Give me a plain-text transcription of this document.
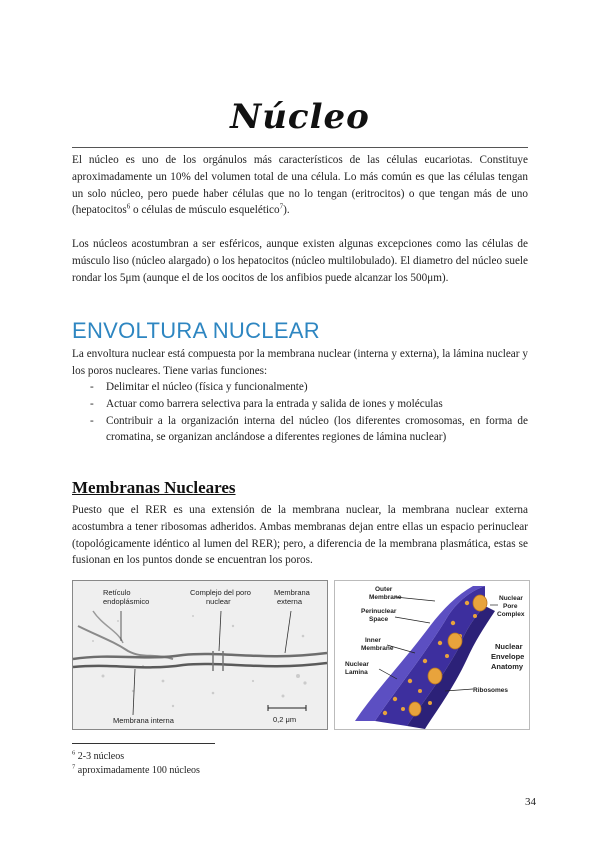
Núcleo

El núcleo es uno de los orgánulos más característicos de las células eucariotas. Constituye aproximadamente un 10% del volumen total de una célula. Lo más común es que las células tengan un solo núcleo, pero puede haber células que no lo tengan (eritrocitos) o que tengan más de uno (hepatocitos$^6$ o células de músculo esquelético$^7$).

Los núcleos acostumbran a ser esféricos, aunque existen algunas excepciones como las células de músculo liso (núcleo alargado) o los hepatocitos (núcleo multilobulado). El diametro del núcleo suele rondar los 5μm (aunque el de los oocitos de los anfibios puede alcanzar los 500μm).

ENVOLTURA NUCLEAR

La envoltura nuclear está compuesta por la membrana nuclear (interna y externa), la lámina nuclear y los poros nucleares. Tiene varias funciones:

- Delimitar el núcleo (física y funcionalmente)
- Actuar como barrera selectiva para la entrada y salida de iones y moléculas
- Contribuir a la organización interna del núcleo (los diferentes cromosomas, en forma de cromatina, se organizan anclándose a diferentes regiones de lámina nuclear)
Membranas Nucleares

Puesto que el RER es una extensión de la membrana nuclear, la membrana nuclear externa acostumbra a tener ribosomas adheridos. Ambas membranas dejan entre ellas un espacio perinuclear (topológicamente idéntico al lumen del RER); pero, a diferencia de la membrana plasmática, estas se fusionan en los puntos donde se encuentran los poros.

Retículo
endoplásmico
Complejo del poro
nuclear
Membrana
externa
Membrana interna	0,2 μm
Outer
Membrane
Perinuclear
Space
Inner
Membrane
Nuclear
Lamina
Nuclear
Pore
Complex
Ribosomes
Nuclear
Envelope
Anatomy
$^6$ 2-3 núcleos
$^7$ aproximadamente 100 núcleos
34
